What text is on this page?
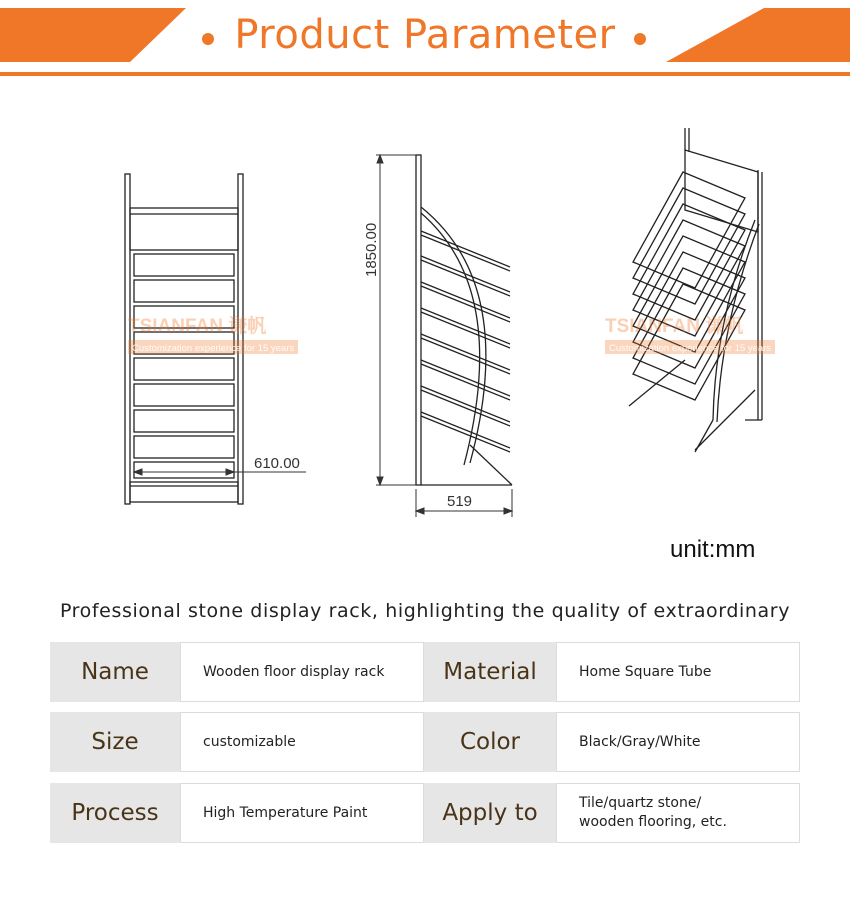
Product Parameter
610.00
TSIANFAN 谦帆
Customization experience for 15 years
1850.00
519
TSIANFAN 谦帆
Customization experience for 15 years
unit:mm
Professional stone display rack, highlighting the quality of extraordinary
Name	Wooden floor display rack	Material	Home Square Tube
Size	customizable	Color	Black/Gray/White
Process	High Temperature Paint	Apply to	Tile/quartz stone/
wooden flooring, etc.
